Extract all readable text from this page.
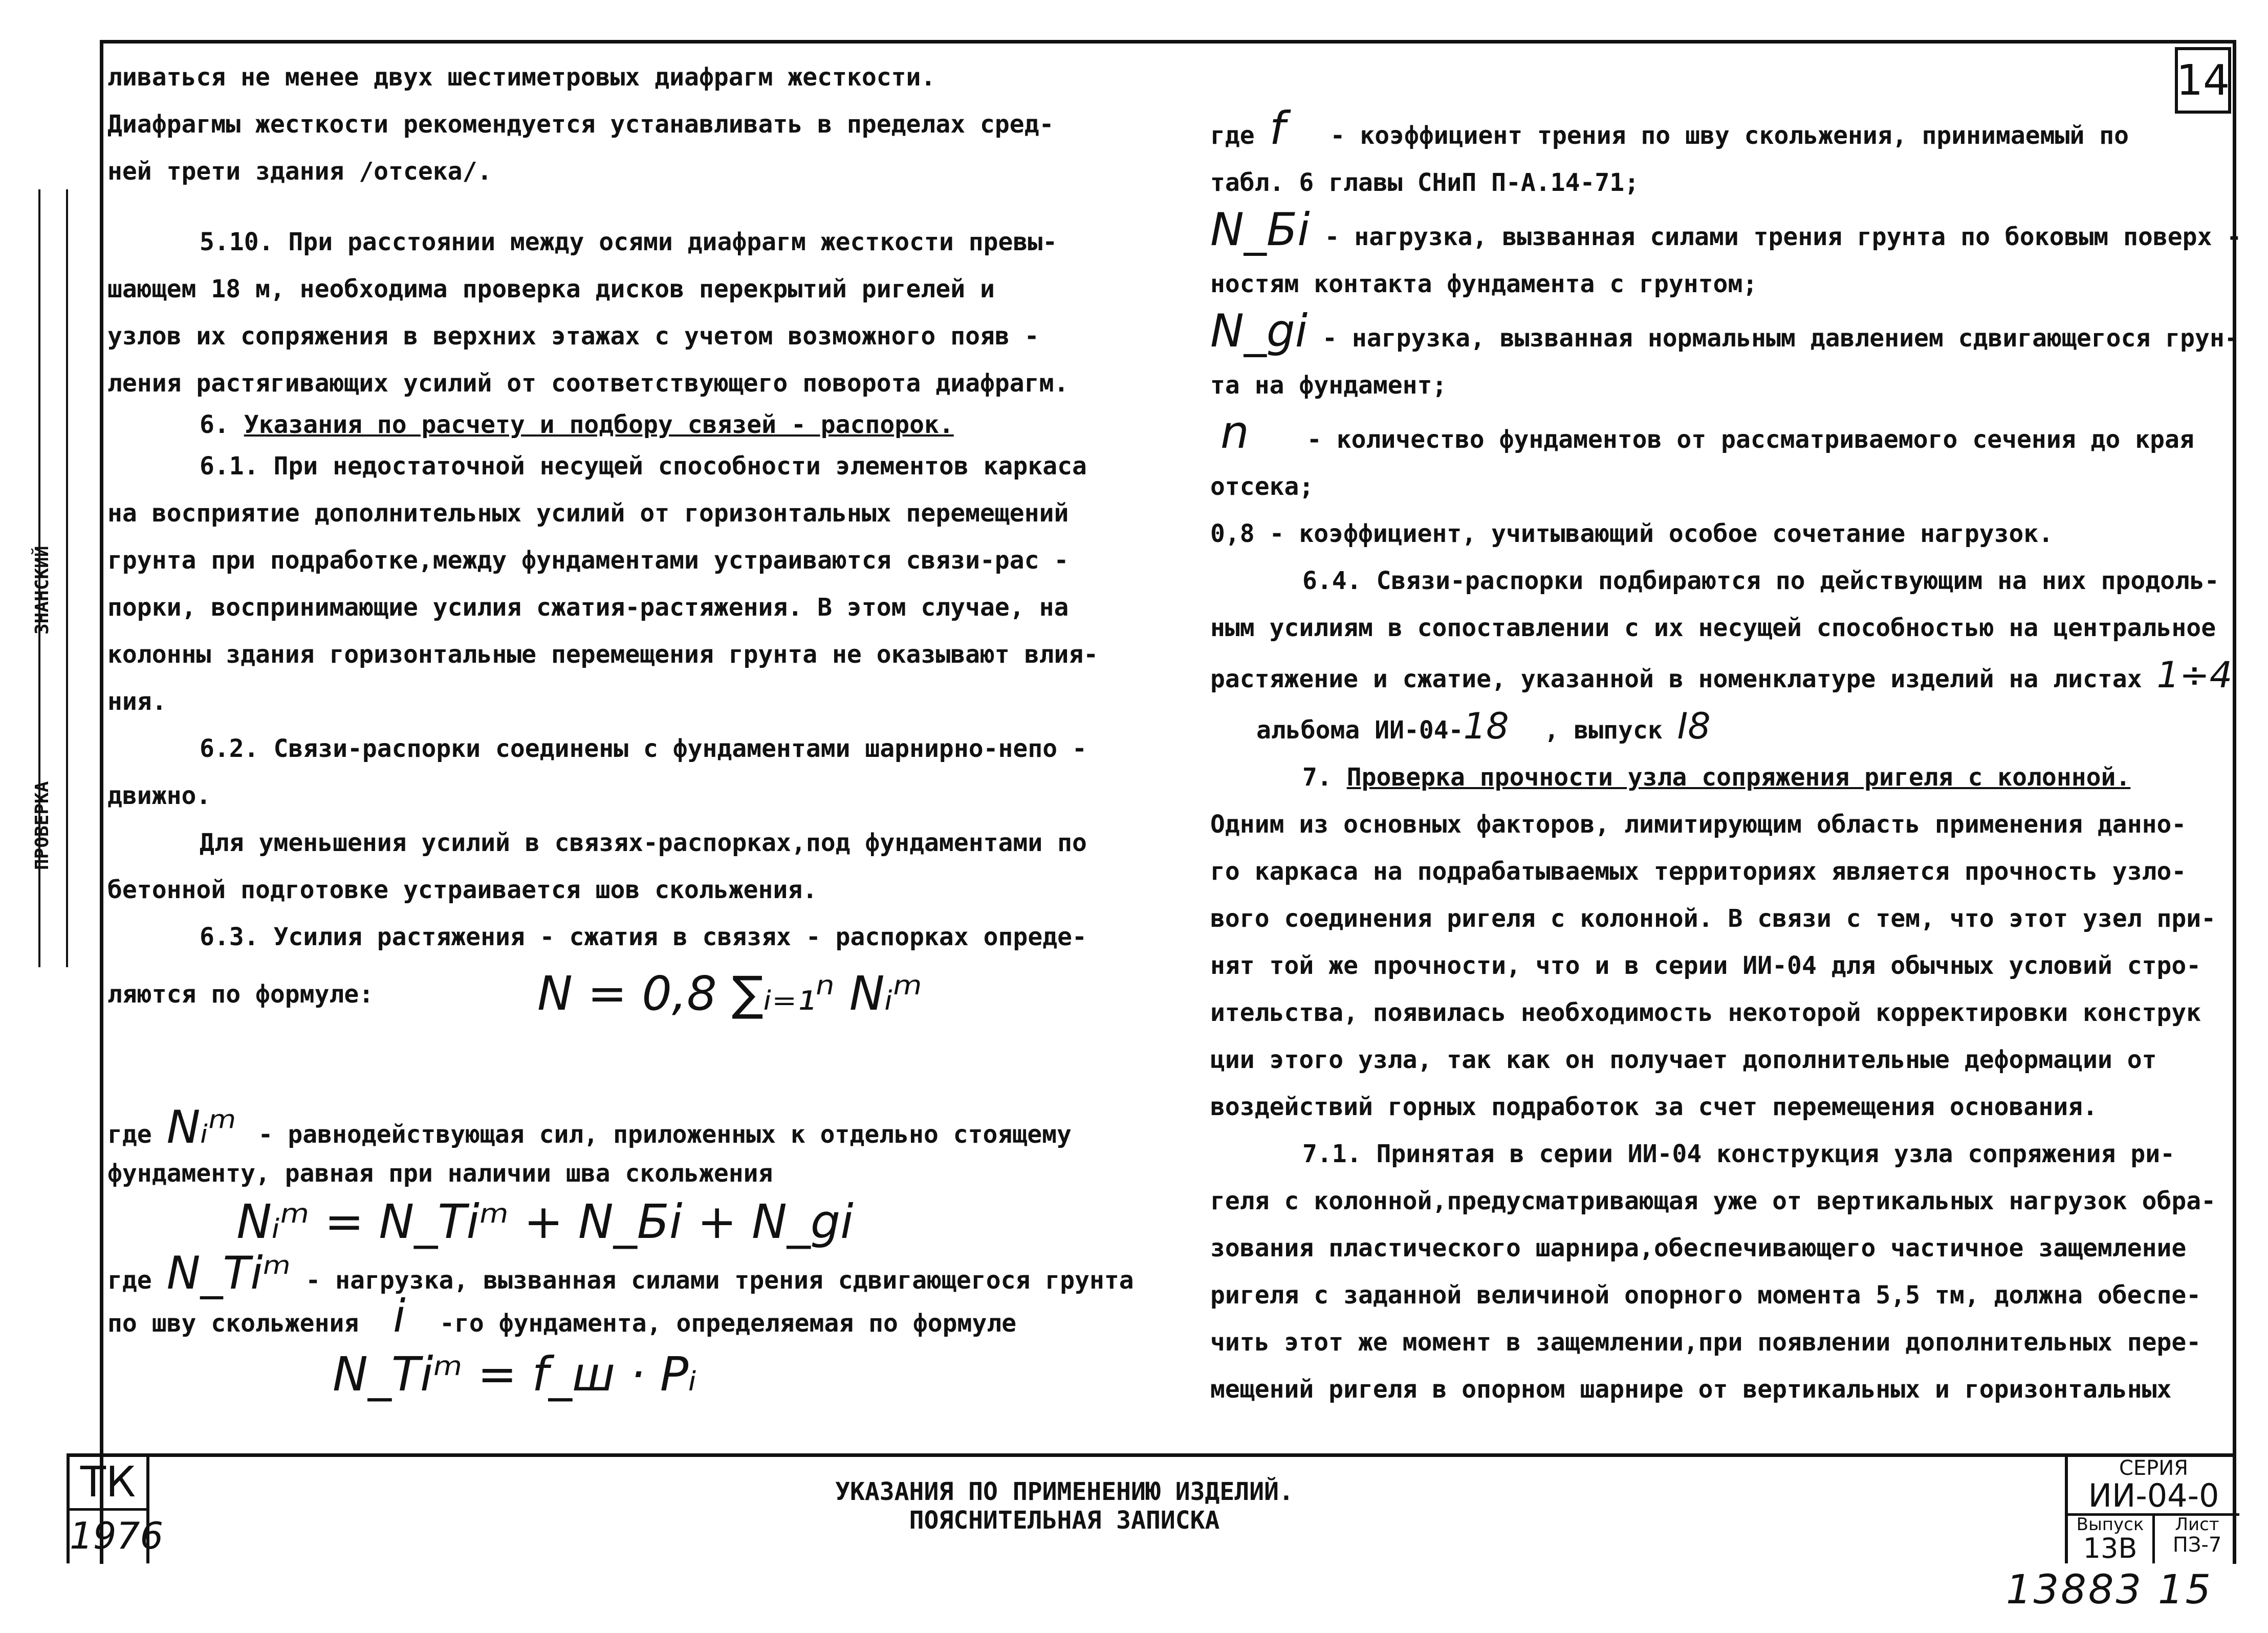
14
ПРОВЕРКА
ЗНАНСКИЙ

ливаться не менее двух шестиметровых диафрагм жесткости.

Диафрагмы жесткости рекомендуется устанавливать в пределах сред-

ней трети здания /отсека/.

5.10. При расстоянии между осями диафрагм жесткости превы-

шающем 18 м, необходима проверка дисков перекрытий ригелей и

узлов их сопряжения в верхних этажах с учетом возможного появ -

ления растягивающих усилий от соответствующего поворота диафрагм.

6. Указания по расчету и подбору связей - распорок.

6.1. При недостаточной несущей способности элементов каркаса

на восприятие дополнительных усилий от горизонтальных перемещений

грунта при подработке,между фундаментами устраиваются связи-рас -

порки, воспринимающие усилия сжатия-растяжения. В этом случае, на

колонны здания горизонтальные перемещения грунта не оказывают влия-

ния.

6.2. Связи-распорки соединены с фундаментами шарнирно-непо -

движно.

Для уменьшения усилий в связях-распорках,под фундаментами по

бетонной подготовке устраивается шов скольжения.

6.3. Усилия растяжения - сжатия в связях - распорках опреде-

ляются по формуле:	N = 0,8 ∑ᵢ₌₁ⁿ Nᵢᵐ

где Nᵢᵐ - равнодействующая сил, приложенных к отдельно стоящему

фундаменту, равная при наличии шва скольжения

Nᵢᵐ = N_Tiᵐ + N_Бi + N_gi

где N_Tiᵐ - нагрузка, вызванная силами трения сдвигающегося грунта

по шву скольжения i -го фундамента, определяемая по формуле

N_Tiᵐ = f_ш · Pᵢ

где f - коэффициент трения по шву скольжения, принимаемый по

табл. 6 главы СНиП П-А.14-71;

N_Бi - нагрузка, вызванная силами трения грунта по боковым поверх -

ностям контакта фундамента с грунтом;

N_gi - нагрузка, вызванная нормальным давлением сдвигающегося грун-

та на фундамент;

n - количество фундаментов от рассматриваемого сечения до края

отсека;

0,8 - коэффициент, учитывающий особое сочетание нагрузок.

6.4. Связи-распорки подбираются по действующим на них продоль-

ным усилиям в сопоставлении с их несущей способностью на центральное

растяжение и сжатие, указанной в номенклатуре изделий на листах 1÷4

альбома ИИ-04-18 , выпуск I8

7. Проверка прочности узла сопряжения ригеля с колонной.

Одним из основных факторов, лимитирующим область применения данно-

го каркаса на подрабатываемых территориях является прочность узло-

вого соединения ригеля с колонной. В связи с тем, что этот узел при-

нят той же прочности, что и в серии ИИ-04 для обычных условий стро-

ительства, появилась необходимость некоторой корректировки конструк

ции этого узла, так как он получает дополнительные деформации от

воздействий горных подработок за счет перемещения основания.

7.1. Принятая в серии ИИ-04 конструкция узла сопряжения ри-

геля с колонной,предусматривающая уже от вертикальных нагрузок обра-

зования пластического шарнира,обеспечивающего частичное защемление

ригеля с заданной величиной опорного момента 5,5 тм, должна обеспе-

чить этот же момент в защемлении,при появлении дополнительных пере-

мещений ригеля в опорном шарнире от вертикальных и горизонтальных

ТК
1976
УКАЗАНИЯ ПО ПРИМЕНЕНИЮ ИЗДЕЛИЙ.
ПОЯСНИТЕЛЬНАЯ ЗАПИСКА
СЕРИЯ
ИИ-04-0
Выпуск
13В
Лист
ПЗ-7
13883 15
